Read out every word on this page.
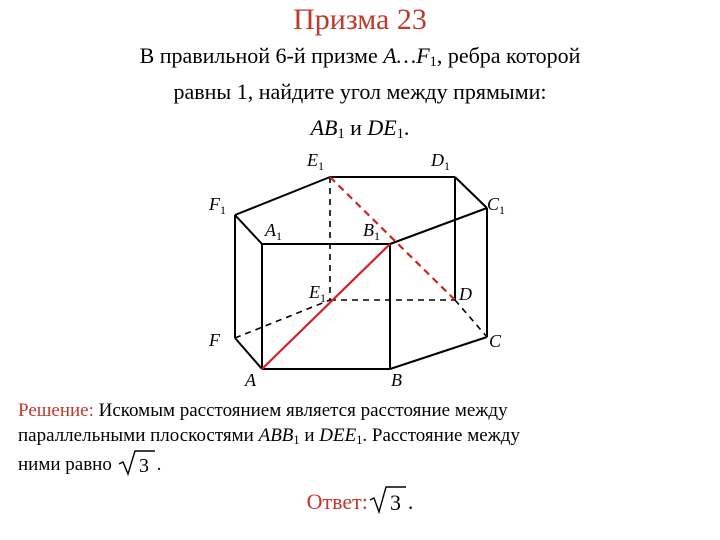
Призма 23
В правильной 6-й призме $A\dots F_1$, ребра которой
равны 1, найдите угол между прямыми:
$AB_1$ и $DE_1$.
$E_1$	$D_1$
$F_1$	$C_1$
$A_1$	$B_1$
$E_1$	D
F	C
A	B
Решение: Искомым расстоянием является расстояние между
параллельными плоскостями $ABB_1$ и $DEE_1$. Расстояние между
ними равно 3 .
Ответ: 3 .
